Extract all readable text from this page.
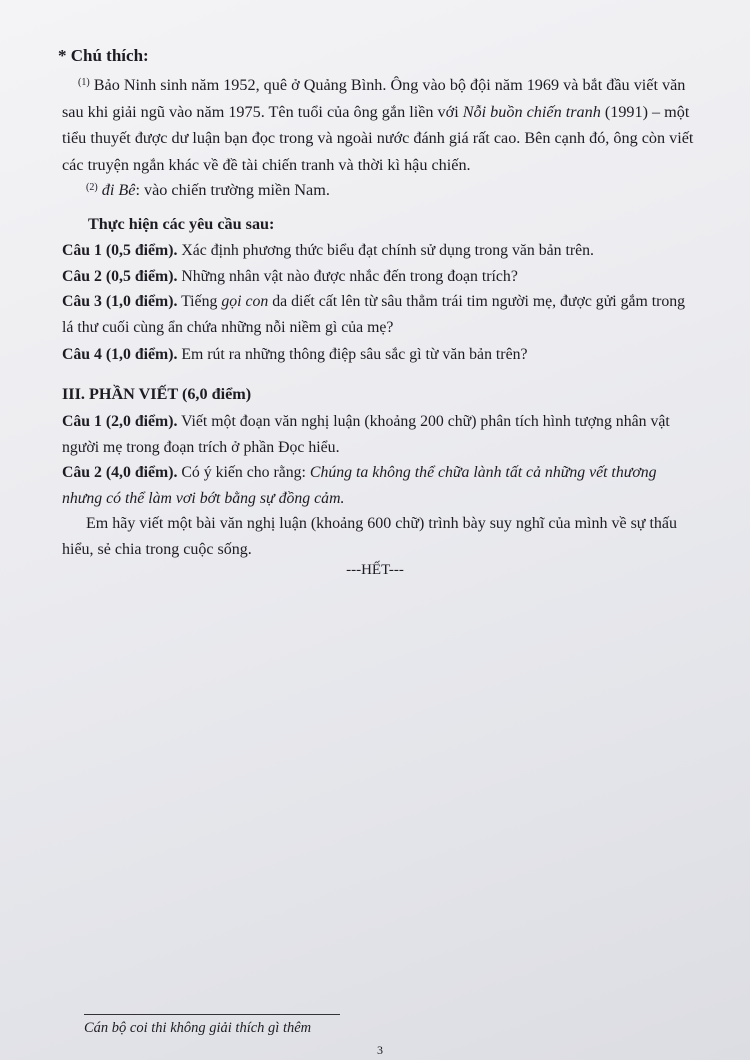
* Chú thích:
$^{(1)}$ Bảo Ninh sinh năm 1952, quê ở Quảng Bình. Ông vào bộ đội năm 1969 và bắt đầu viết văn sau khi giải ngũ vào năm 1975. Tên tuổi của ông gắn liền với Nỗi buồn chiến tranh (1991) – một tiểu thuyết được dư luận bạn đọc trong và ngoài nước đánh giá rất cao. Bên cạnh đó, ông còn viết các truyện ngắn khác về đề tài chiến tranh và thời kì hậu chiến.
$^{(2)}$ đi Bê: vào chiến trường miền Nam.
Thực hiện các yêu cầu sau:
Câu 1 (0,5 điểm). Xác định phương thức biểu đạt chính sử dụng trong văn bản trên.
Câu 2 (0,5 điểm). Những nhân vật nào được nhắc đến trong đoạn trích?
Câu 3 (1,0 điểm). Tiếng gọi con da diết cất lên từ sâu thẳm trái tim người mẹ, được gửi gắm trong lá thư cuối cùng ẩn chứa những nỗi niềm gì của mẹ?
Câu 4 (1,0 điểm). Em rút ra những thông điệp sâu sắc gì từ văn bản trên?
III. PHẦN VIẾT (6,0 điểm)
Câu 1 (2,0 điểm). Viết một đoạn văn nghị luận (khoảng 200 chữ) phân tích hình tượng nhân vật người mẹ trong đoạn trích ở phần Đọc hiểu.
Câu 2 (4,0 điểm). Có ý kiến cho rằng: Chúng ta không thể chữa lành tất cả những vết thương nhưng có thể làm vơi bớt bằng sự đồng cảm.
Em hãy viết một bài văn nghị luận (khoảng 600 chữ) trình bày suy nghĩ của mình về sự thấu hiểu, sẻ chia trong cuộc sống.
---HẾT---
Cán bộ coi thi không giải thích gì thêm
3
